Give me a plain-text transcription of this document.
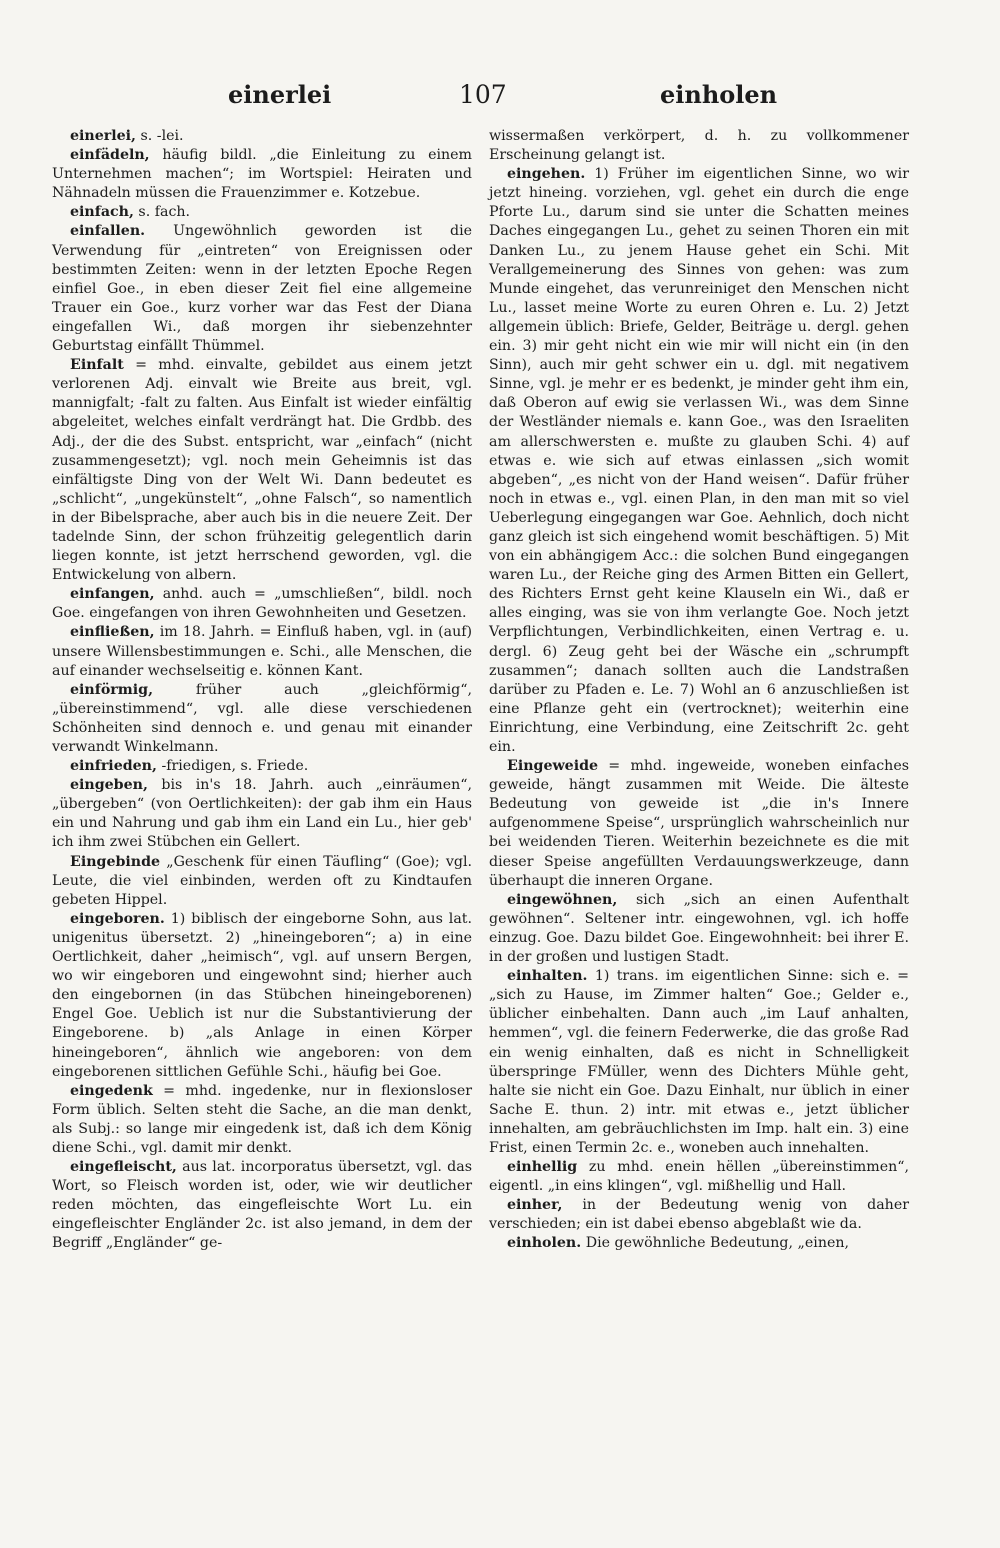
einerlei	107	einholen

einerlei, s. -lei.

einfädeln, häufig bildl. „die Einleitung zu einem Unternehmen machen“; im Wortspiel: Heiraten und Nähnadeln müssen die Frauenzimmer e. Kotzebue.

einfach, s. fach.

einfallen. Ungewöhnlich geworden ist die Verwendung für „eintreten“ von Ereignissen oder bestimmten Zeiten: wenn in der letzten Epoche Regen einfiel Goe., in eben dieser Zeit fiel eine allgemeine Trauer ein Goe., kurz vorher war das Fest der Diana eingefallen Wi., daß morgen ihr siebenzehnter Geburtstag einfällt Thümmel.

Einfalt = mhd. einvalte, gebildet aus einem jetzt verlorenen Adj. einvalt wie Breite aus breit, vgl. mannigfalt; -falt zu falten. Aus Einfalt ist wieder einfältig abgeleitet, welches einfalt verdrängt hat. Die Grdbb. des Adj., der die des Subst. entspricht, war „einfach“ (nicht zusammengesetzt); vgl. noch mein Geheimnis ist das einfältigste Ding von der Welt Wi. Dann bedeutet es „schlicht“, „ungekünstelt“, „ohne Falsch“, so namentlich in der Bibelsprache, aber auch bis in die neuere Zeit. Der tadelnde Sinn, der schon frühzeitig gelegentlich darin liegen konnte, ist jetzt herrschend geworden, vgl. die Entwickelung von albern.

einfangen, anhd. auch = „umschließen“, bildl. noch Goe. eingefangen von ihren Gewohnheiten und Gesetzen.

einfließen, im 18. Jahrh. = Einfluß haben, vgl. in (auf) unsere Willensbestimmungen e. Schi., alle Menschen, die auf einander wechselseitig e. können Kant.

einförmig, früher auch „gleichförmig“, „übereinstimmend“, vgl. alle diese verschiedenen Schönheiten sind dennoch e. und genau mit einander verwandt Winkelmann.

einfrieden, -friedigen, s. Friede.

eingeben, bis in's 18. Jahrh. auch „einräumen“, „übergeben“ (von Oertlichkeiten): der gab ihm ein Haus ein und Nahrung und gab ihm ein Land ein Lu., hier geb' ich ihm zwei Stübchen ein Gellert.

Eingebinde „Geschenk für einen Täufling“ (Goe); vgl. Leute, die viel einbinden, werden oft zu Kindtaufen gebeten Hippel.

eingeboren. 1) biblisch der eingeborne Sohn, aus lat. unigenitus übersetzt. 2) „hineingeboren“; a) in eine Oertlichkeit, daher „heimisch“, vgl. auf unsern Bergen, wo wir eingeboren und eingewohnt sind; hierher auch den eingebornen (in das Stübchen hineingeborenen) Engel Goe. Ueblich ist nur die Substantivierung der Eingeborene. b) „als Anlage in einen Körper hineingeboren“, ähnlich wie angeboren: von dem eingeborenen sittlichen Gefühle Schi., häufig bei Goe.

eingedenk = mhd. ingedenke, nur in flexionsloser Form üblich. Selten steht die Sache, an die man denkt, als Subj.: so lange mir eingedenk ist, daß ich dem König diene Schi., vgl. damit mir denkt.

eingefleischt, aus lat. incorporatus übersetzt, vgl. das Wort, so Fleisch worden ist, oder, wie wir deutlicher reden möchten, das eingefleischte Wort Lu. ein eingefleischter Engländer 2c. ist also jemand, in dem der Begriff „Engländer“ ge-

wissermaßen verkörpert, d. h. zu vollkommener Erscheinung gelangt ist.

eingehen. 1) Früher im eigentlichen Sinne, wo wir jetzt hineing. vorziehen, vgl. gehet ein durch die enge Pforte Lu., darum sind sie unter die Schatten meines Daches eingegangen Lu., gehet zu seinen Thoren ein mit Danken Lu., zu jenem Hause gehet ein Schi. Mit Verallgemeinerung des Sinnes von gehen: was zum Munde eingehet, das verunreiniget den Menschen nicht Lu., lasset meine Worte zu euren Ohren e. Lu. 2) Jetzt allgemein üblich: Briefe, Gelder, Beiträge u. dergl. gehen ein. 3) mir geht nicht ein wie mir will nicht ein (in den Sinn), auch mir geht schwer ein u. dgl. mit negativem Sinne, vgl. je mehr er es bedenkt, je minder geht ihm ein, daß Oberon auf ewig sie verlassen Wi., was dem Sinne der Westländer niemals e. kann Goe., was den Israeliten am allerschwersten e. mußte zu glauben Schi. 4) auf etwas e. wie sich auf etwas einlassen „sich womit abgeben“, „es nicht von der Hand weisen“. Dafür früher noch in etwas e., vgl. einen Plan, in den man mit so viel Ueberlegung eingegangen war Goe. Aehnlich, doch nicht ganz gleich ist sich eingehend womit beschäftigen. 5) Mit von ein abhängigem Acc.: die solchen Bund eingegangen waren Lu., der Reiche ging des Armen Bitten ein Gellert, des Richters Ernst geht keine Klauseln ein Wi., daß er alles einging, was sie von ihm verlangte Goe. Noch jetzt Verpflichtungen, Verbindlichkeiten, einen Vertrag e. u. dergl. 6) Zeug geht bei der Wäsche ein „schrumpft zusammen“; danach sollten auch die Landstraßen darüber zu Pfaden e. Le. 7) Wohl an 6 anzuschließen ist eine Pflanze geht ein (vertrocknet); weiterhin eine Einrichtung, eine Verbindung, eine Zeitschrift 2c. geht ein.

Eingeweide = mhd. ingeweide, woneben einfaches geweide, hängt zusammen mit Weide. Die älteste Bedeutung von geweide ist „die in's Innere aufgenommene Speise“, ursprünglich wahrscheinlich nur bei weidenden Tieren. Weiterhin bezeichnete es die mit dieser Speise angefüllten Verdauungswerkzeuge, dann überhaupt die inneren Organe.

eingewöhnen, sich „sich an einen Aufenthalt gewöhnen“. Seltener intr. eingewohnen, vgl. ich hoffe einzug. Goe. Dazu bildet Goe. Eingewohnheit: bei ihrer E. in der großen und lustigen Stadt.

einhalten. 1) trans. im eigentlichen Sinne: sich e. = „sich zu Hause, im Zimmer halten“ Goe.; Gelder e., üblicher einbehalten. Dann auch „im Lauf anhalten, hemmen“, vgl. die feinern Federwerke, die das große Rad ein wenig einhalten, daß es nicht in Schnelligkeit überspringe FMüller, wenn des Dichters Mühle geht, halte sie nicht ein Goe. Dazu Einhalt, nur üblich in einer Sache E. thun. 2) intr. mit etwas e., jetzt üblicher innehalten, am gebräuchlichsten im Imp. halt ein. 3) eine Frist, einen Termin 2c. e., woneben auch innehalten.

einhellig zu mhd. enein hëllen „übereinstimmen“, eigentl. „in eins klingen“, vgl. mißhellig und Hall.

einher, in der Bedeutung wenig von daher verschieden; ein ist dabei ebenso abgeblaßt wie da.

einholen. Die gewöhnliche Bedeutung, „einen,
